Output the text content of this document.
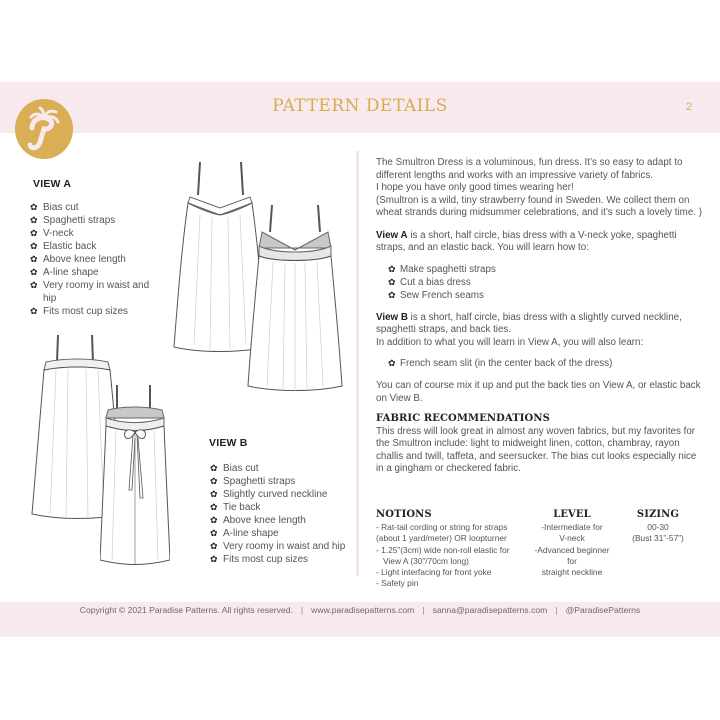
PATTERN DETAILS	2
VIEW A
✿ Bias cut
✿ Spaghetti straps
✿ V-neck
✿ Elastic back
✿ Above knee length
✿ A-line shape
✿ Very roomy in waist and hip
✿ Fits most cup sizes
VIEW B
✿ Bias cut
✿ Spaghetti straps
✿ Slightly curved neckline
✿ Tie back
✿ Above knee length
✿ A-line shape
✿ Very roomy in waist and hip
✿ Fits most cup sizes

The Smultron Dress is a voluminous, fun dress. It’s so easy to adapt to different lengths and works with an impressive variety of fabrics.

I hope you have only good times wearing her!

(Smultron is a wild, tiny strawberry found in Sweden. We collect them on wheat strands during midsummer celebrations, and it’s such a lovely time. )

View A is a short, half circle, bias dress with a V-neck yoke, spaghetti straps, and an elastic back. You will learn how to:

✿ Make spaghetti straps
✿ Cut a bias dress
✿ Sew French seams

View B is a short, half circle, bias dress with a slightly curved neckline, spaghetti straps, and back ties.

In addition to what you will learn in View A, you will also learn:

✿ French seam slit (in the center back of the dress)

You can of course mix it up and put the back ties on View A, or elastic back on View B.

FABRIC RECOMMENDATIONS

This dress will look great in almost any woven fabrics, but my favorites for the Smultron include: light to midweight linen, cotton, chambray, rayon challis and twill, taffeta, and seersucker. The bias cut looks especially nice in a gingham or checkered fabric.

NOTIONS
- Rat-tail cording or string for straps
(about 1 yard/meter) OR loopturner
- 1.25”(3cm) wide non-roll elastic for
View A (30”/70cm long)
- Light interfacing for front yoke
- Safety pin
LEVEL
-Intermediate for
V-neck
-Advanced beginner for
straight neckline
SIZING
00-30
(Bust 31”-57”)
Copyright © 2021 Paradise Patterns. All rights reserved. | www.paradisepatterns.com | sanna@paradisepatterns.com | @ParadisePatterns
